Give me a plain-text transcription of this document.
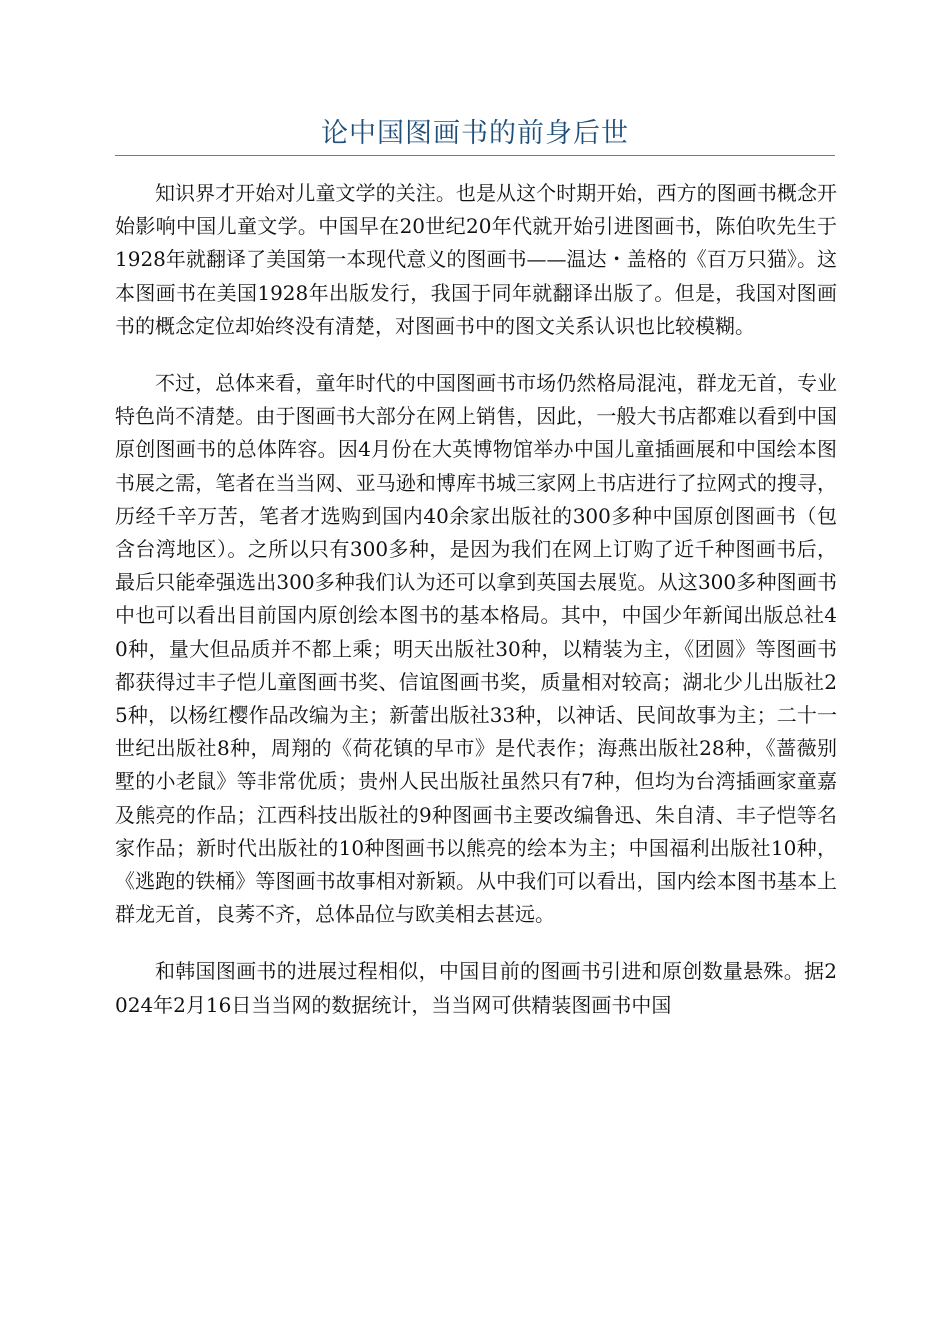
论中国图画书的前身后世

知识界才开始对儿童文学的关注。也是从这个时期开始，西方的图画书概念开始影响中国儿童文学。中国早在20世纪20年代就开始引进图画书，陈伯吹先生于1928年就翻译了美国第一本现代意义的图画书——温达・盖格的《百万只猫》。这本图画书在美国1928年出版发行，我国于同年就翻译出版了。但是，我国对图画书的概念定位却始终没有清楚，对图画书中的图文关系认识也比较模糊。

不过，总体来看，童年时代的中国图画书市场仍然格局混沌，群龙无首，专业特色尚不清楚。由于图画书大部分在网上销售，因此，一般大书店都难以看到中国原创图画书的总体阵容。因4月份在大英博物馆举办中国儿童插画展和中国绘本图书展之需，笔者在当当网、亚马逊和博库书城三家网上书店进行了拉网式的搜寻，历经千辛万苦，笔者才选购到国内40余家出版社的300多种中国原创图画书（包含台湾地区）。之所以只有300多种，是因为我们在网上订购了近千种图画书后，最后只能牵强选出300多种我们认为还可以拿到英国去展览。从这300多种图画书中也可以看出目前国内原创绘本图书的基本格局。其中，中国少年新闻出版总社40种，量大但品质并不都上乘；明天出版社30种，以精装为主，《团圆》等图画书都获得过丰子恺儿童图画书奖、信谊图画书奖，质量相对较高；湖北少儿出版社25种，以杨红樱作品改编为主；新蕾出版社33种，以神话、民间故事为主；二十一世纪出版社8种，周翔的《荷花镇的早市》是代表作；海燕出版社28种，《蔷薇别墅的小老鼠》等非常优质；贵州人民出版社虽然只有7种，但均为台湾插画家童嘉及熊亮的作品；江西科技出版社的9种图画书主要改编鲁迅、朱自清、丰子恺等名家作品；新时代出版社的10种图画书以熊亮的绘本为主；中国福利出版社10种，《逃跑的铁桶》等图画书故事相对新颖。从中我们可以看出，国内绘本图书基本上群龙无首，良莠不齐，总体品位与欧美相去甚远。

和韩国图画书的进展过程相似，中国目前的图画书引进和原创数量悬殊。据2024年2月16日当当网的数据统计，当当网可供精装图画书中国
